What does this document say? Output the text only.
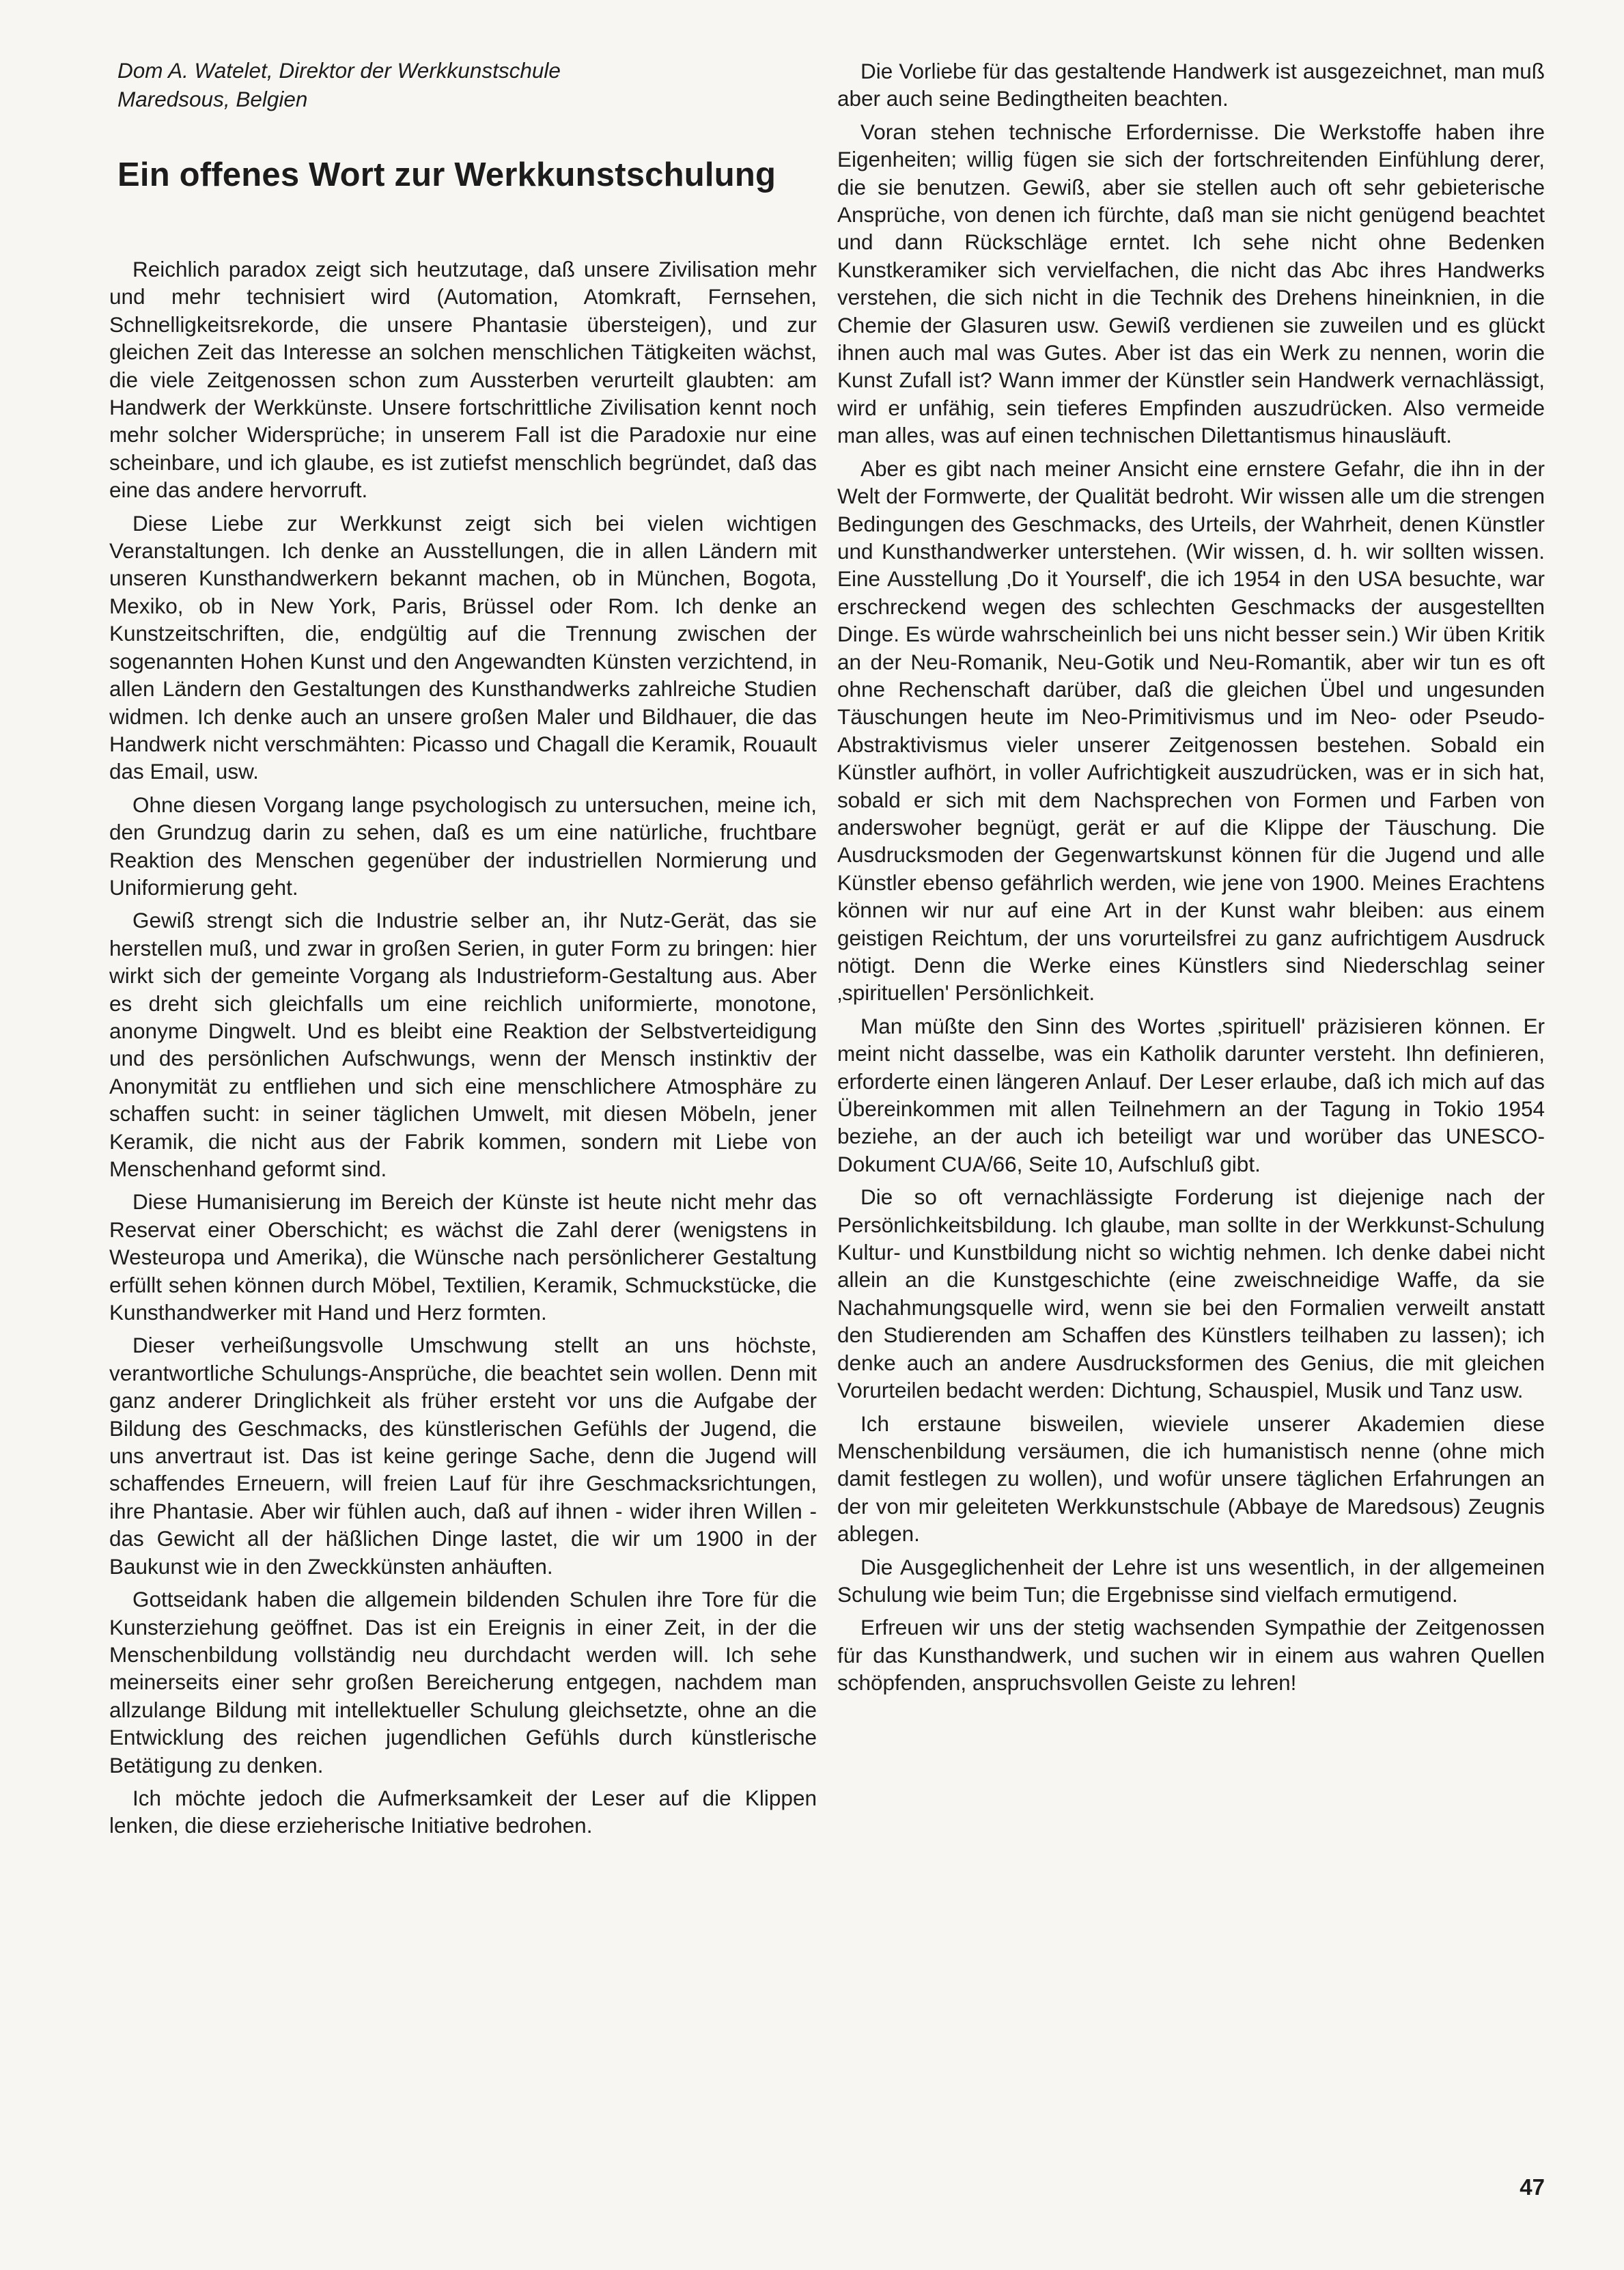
Dom A. Watelet, Direktor der Werkkunstschule
Maredsous, Belgien
Ein offenes Wort zur Werkkunstschulung

Reichlich paradox zeigt sich heutzutage, daß unsere Zivilisation mehr und mehr technisiert wird (Automation, Atomkraft, Fernsehen, Schnelligkeitsrekorde, die unsere Phantasie übersteigen), und zur gleichen Zeit das Interesse an solchen menschlichen Tätigkeiten wächst, die viele Zeitgenossen schon zum Aussterben verurteilt glaubten: am Handwerk der Werkkünste. Unsere fortschrittliche Zivilisation kennt noch mehr solcher Widersprüche; in unserem Fall ist die Paradoxie nur eine scheinbare, und ich glaube, es ist zutiefst menschlich begründet, daß das eine das andere hervorruft.

Diese Liebe zur Werkkunst zeigt sich bei vielen wichtigen Veranstaltungen. Ich denke an Ausstellungen, die in allen Ländern mit unseren Kunsthandwerkern bekannt machen, ob in München, Bogota, Mexiko, ob in New York, Paris, Brüssel oder Rom. Ich denke an Kunstzeitschriften, die, endgültig auf die Trennung zwischen der sogenannten Hohen Kunst und den Angewandten Künsten verzichtend, in allen Ländern den Gestaltungen des Kunsthandwerks zahlreiche Studien widmen. Ich denke auch an unsere großen Maler und Bildhauer, die das Handwerk nicht verschmähten: Picasso und Chagall die Keramik, Rouault das Email, usw.

Ohne diesen Vorgang lange psychologisch zu untersuchen, meine ich, den Grundzug darin zu sehen, daß es um eine natürliche, fruchtbare Reaktion des Menschen gegenüber der industriellen Normierung und Uniformierung geht.

Gewiß strengt sich die Industrie selber an, ihr Nutz-Gerät, das sie herstellen muß, und zwar in großen Serien, in guter Form zu bringen: hier wirkt sich der gemeinte Vorgang als Industrieform-Gestaltung aus. Aber es dreht sich gleichfalls um eine reichlich uniformierte, monotone, anonyme Dingwelt. Und es bleibt eine Reaktion der Selbstverteidigung und des persönlichen Aufschwungs, wenn der Mensch instinktiv der Anonymität zu entfliehen und sich eine menschlichere Atmosphäre zu schaffen sucht: in seiner täglichen Umwelt, mit diesen Möbeln, jener Keramik, die nicht aus der Fabrik kommen, sondern mit Liebe von Menschenhand geformt sind.

Diese Humanisierung im Bereich der Künste ist heute nicht mehr das Reservat einer Oberschicht; es wächst die Zahl derer (wenigstens in Westeuropa und Amerika), die Wünsche nach persönlicherer Gestaltung erfüllt sehen können durch Möbel, Textilien, Keramik, Schmuckstücke, die Kunsthandwerker mit Hand und Herz formten.

Dieser verheißungsvolle Umschwung stellt an uns höchste, verantwortliche Schulungs-Ansprüche, die beachtet sein wollen. Denn mit ganz anderer Dringlichkeit als früher ersteht vor uns die Aufgabe der Bildung des Geschmacks, des künstlerischen Gefühls der Jugend, die uns anvertraut ist. Das ist keine geringe Sache, denn die Jugend will schaffendes Erneuern, will freien Lauf für ihre Geschmacksrichtungen, ihre Phantasie. Aber wir fühlen auch, daß auf ihnen - wider ihren Willen - das Gewicht all der häßlichen Dinge lastet, die wir um 1900 in der Baukunst wie in den Zweckkünsten anhäuften.

Gottseidank haben die allgemein bildenden Schulen ihre Tore für die Kunsterziehung geöffnet. Das ist ein Ereignis in einer Zeit, in der die Menschenbildung vollständig neu durchdacht werden will. Ich sehe meinerseits einer sehr großen Bereicherung entgegen, nachdem man allzulange Bildung mit intellektueller Schulung gleichsetzte, ohne an die Entwicklung des reichen jugendlichen Gefühls durch künstlerische Betätigung zu denken.

Ich möchte jedoch die Aufmerksamkeit der Leser auf die Klippen lenken, die diese erzieherische Initiative bedrohen.

Die Vorliebe für das gestaltende Handwerk ist ausgezeichnet, man muß aber auch seine Bedingtheiten beachten.

Voran stehen technische Erfordernisse. Die Werkstoffe haben ihre Eigenheiten; willig fügen sie sich der fortschreitenden Einfühlung derer, die sie benutzen. Gewiß, aber sie stellen auch oft sehr gebieterische Ansprüche, von denen ich fürchte, daß man sie nicht genügend beachtet und dann Rückschläge erntet. Ich sehe nicht ohne Bedenken Kunstkeramiker sich vervielfachen, die nicht das Abc ihres Handwerks verstehen, die sich nicht in die Technik des Drehens hineinknien, in die Chemie der Glasuren usw. Gewiß verdienen sie zuweilen und es glückt ihnen auch mal was Gutes. Aber ist das ein Werk zu nennen, worin die Kunst Zufall ist? Wann immer der Künstler sein Handwerk vernachlässigt, wird er unfähig, sein tieferes Empfinden auszudrücken. Also vermeide man alles, was auf einen technischen Dilettantismus hinausläuft.

Aber es gibt nach meiner Ansicht eine ernstere Gefahr, die ihn in der Welt der Formwerte, der Qualität bedroht. Wir wissen alle um die strengen Bedingungen des Geschmacks, des Urteils, der Wahrheit, denen Künstler und Kunsthandwerker unterstehen. (Wir wissen, d. h. wir sollten wissen. Eine Ausstellung ‚Do it Yourself', die ich 1954 in den USA besuchte, war erschreckend wegen des schlechten Geschmacks der ausgestellten Dinge. Es würde wahrscheinlich bei uns nicht besser sein.) Wir üben Kritik an der Neu-Romanik, Neu-Gotik und Neu-Romantik, aber wir tun es oft ohne Rechenschaft darüber, daß die gleichen Übel und ungesunden Täuschungen heute im Neo-Primitivismus und im Neo- oder Pseudo-Abstraktivismus vieler unserer Zeitgenossen bestehen. Sobald ein Künstler aufhört, in voller Aufrichtigkeit auszudrücken, was er in sich hat, sobald er sich mit dem Nachsprechen von Formen und Farben von anderswoher begnügt, gerät er auf die Klippe der Täuschung. Die Ausdrucksmoden der Gegenwartskunst können für die Jugend und alle Künstler ebenso gefährlich werden, wie jene von 1900. Meines Erachtens können wir nur auf eine Art in der Kunst wahr bleiben: aus einem geistigen Reichtum, der uns vorurteilsfrei zu ganz aufrichtigem Ausdruck nötigt. Denn die Werke eines Künstlers sind Niederschlag seiner ‚spirituellen' Persönlichkeit.

Man müßte den Sinn des Wortes ‚spirituell' präzisieren können. Er meint nicht dasselbe, was ein Katholik darunter versteht. Ihn definieren, erforderte einen längeren Anlauf. Der Leser erlaube, daß ich mich auf das Übereinkommen mit allen Teilnehmern an der Tagung in Tokio 1954 beziehe, an der auch ich beteiligt war und worüber das UNESCO-Dokument CUA/66, Seite 10, Aufschluß gibt.

Die so oft vernachlässigte Forderung ist diejenige nach der Persönlichkeitsbildung. Ich glaube, man sollte in der Werkkunst-Schulung Kultur- und Kunstbildung nicht so wichtig nehmen. Ich denke dabei nicht allein an die Kunstgeschichte (eine zweischneidige Waffe, da sie Nachahmungsquelle wird, wenn sie bei den Formalien verweilt anstatt den Studierenden am Schaffen des Künstlers teilhaben zu lassen); ich denke auch an andere Ausdrucksformen des Genius, die mit gleichen Vorurteilen bedacht werden: Dichtung, Schauspiel, Musik und Tanz usw.

Ich erstaune bisweilen, wieviele unserer Akademien diese Menschenbildung versäumen, die ich humanistisch nenne (ohne mich damit festlegen zu wollen), und wofür unsere täglichen Erfahrungen an der von mir geleiteten Werkkunstschule (Abbaye de Maredsous) Zeugnis ablegen.

Die Ausgeglichenheit der Lehre ist uns wesentlich, in der allgemeinen Schulung wie beim Tun; die Ergebnisse sind vielfach ermutigend.

Erfreuen wir uns der stetig wachsenden Sympathie der Zeitgenossen für das Kunsthandwerk, und suchen wir in einem aus wahren Quellen schöpfenden, anspruchsvollen Geiste zu lehren!

47
